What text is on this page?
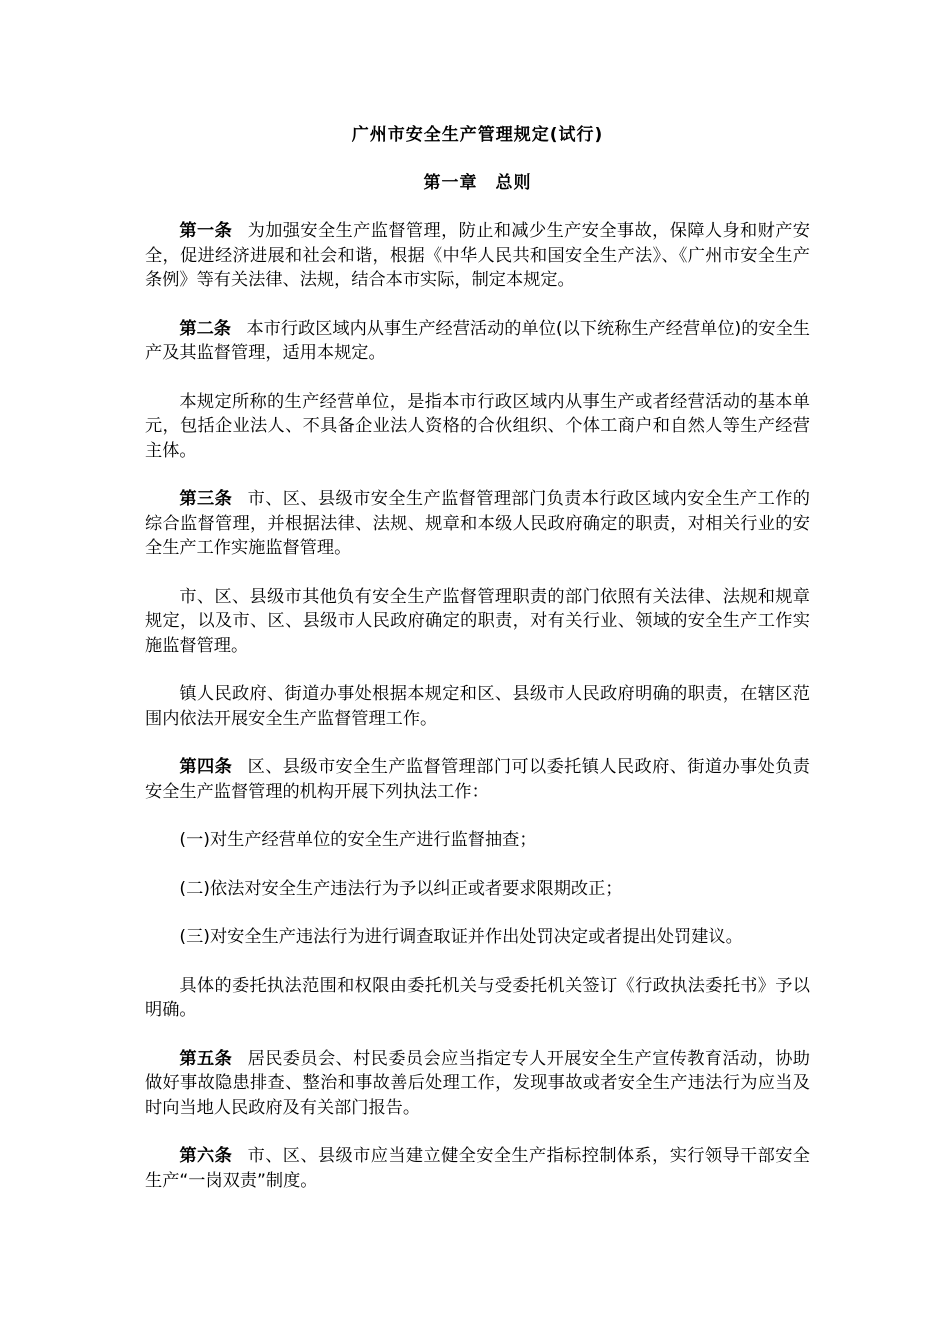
广州市安全生产管理规定(试行)
第一章　总则

第一条 为加强安全生产监督管理，防止和减少生产安全事故，保障人身和财产安全，促进经济进展和社会和谐，根据《中华人民共和国安全生产法》、《广州市安全生产条例》等有关法律、法规，结合本市实际，制定本规定。

第二条 本市行政区域内从事生产经营活动的单位(以下统称生产经营单位)的安全生产及其监督管理，适用本规定。

本规定所称的生产经营单位，是指本市行政区域内从事生产或者经营活动的基本单元，包括企业法人、不具备企业法人资格的合伙组织、个体工商户和自然人等生产经营主体。

第三条 市、区、县级市安全生产监督管理部门负责本行政区域内安全生产工作的综合监督管理，并根据法律、法规、规章和本级人民政府确定的职责，对相关行业的安全生产工作实施监督管理。

市、区、县级市其他负有安全生产监督管理职责的部门依照有关法律、法规和规章规定，以及市、区、县级市人民政府确定的职责，对有关行业、领域的安全生产工作实施监督管理。

镇人民政府、街道办事处根据本规定和区、县级市人民政府明确的职责，在辖区范围内依法开展安全生产监督管理工作。

第四条 区、县级市安全生产监督管理部门可以委托镇人民政府、街道办事处负责安全生产监督管理的机构开展下列执法工作：

(一)对生产经营单位的安全生产进行监督抽查；

(二)依法对安全生产违法行为予以纠正或者要求限期改正；

(三)对安全生产违法行为进行调查取证并作出处罚决定或者提出处罚建议。

具体的委托执法范围和权限由委托机关与受委托机关签订《行政执法委托书》予以明确。

第五条 居民委员会、村民委员会应当指定专人开展安全生产宣传教育活动，协助做好事故隐患排查、整治和事故善后处理工作，发现事故或者安全生产违法行为应当及时向当地人民政府及有关部门报告。

第六条 市、区、县级市应当建立健全安全生产指标控制体系，实行领导干部安全生产“一岗双责”制度。
